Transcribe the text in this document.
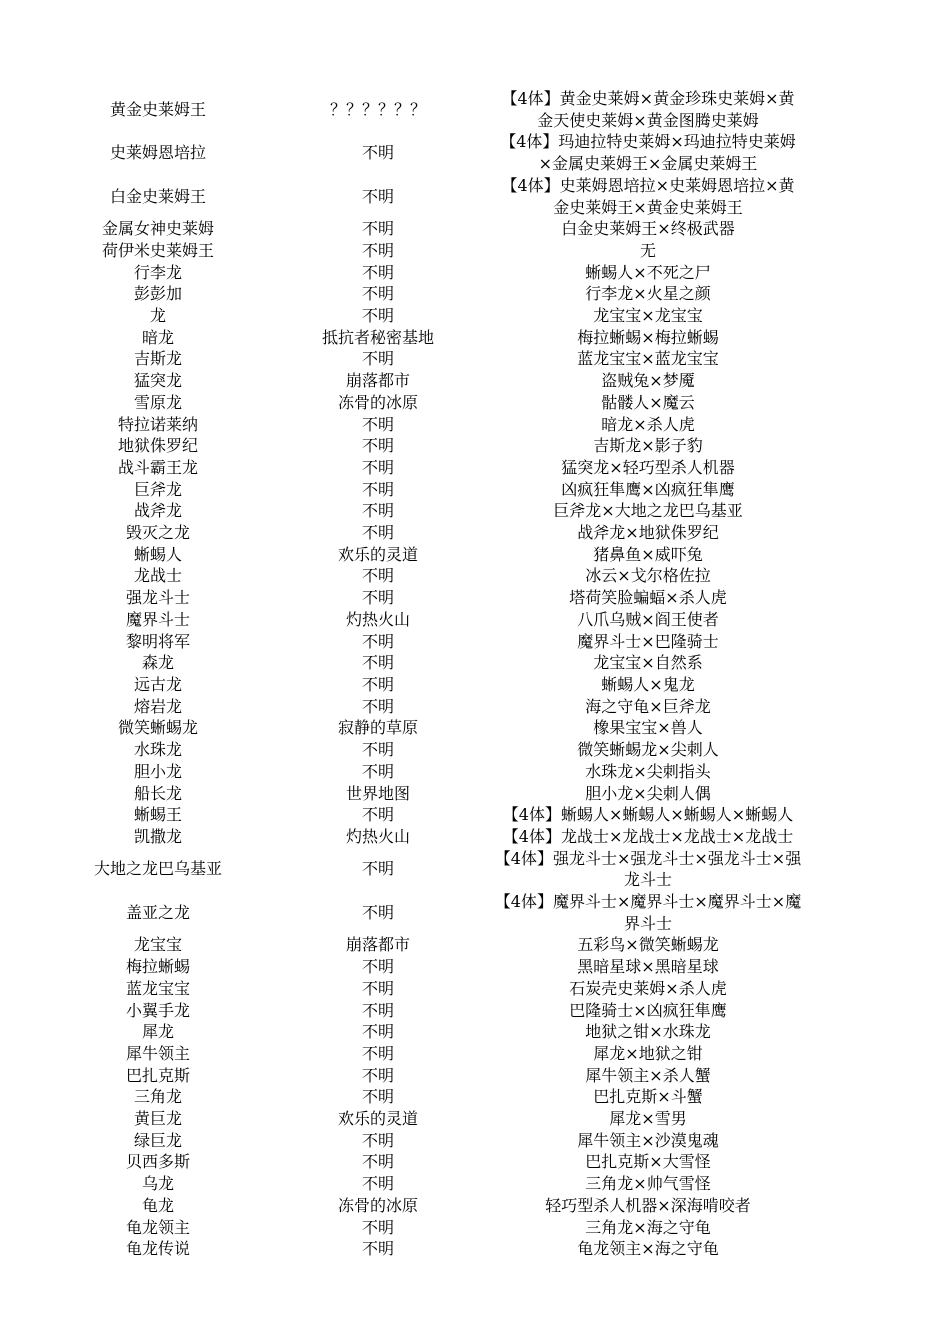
黄金史莱姆王	？？？？？？	【4体】黄金史莱姆×黄金珍珠史莱姆×黄金天使史莱姆×黄金图腾史莱姆
史莱姆恩培拉	不明	【4体】玛迪拉特史莱姆×玛迪拉特史莱姆×金属史莱姆王×金属史莱姆王
白金史莱姆王	不明	【4体】史莱姆恩培拉×史莱姆恩培拉×黄金史莱姆王×黄金史莱姆王
金属女神史莱姆	不明	白金史莱姆王×终极武器
荷伊米史莱姆王	不明	无
行李龙	不明	蜥蜴人×不死之尸
彭彭加	不明	行李龙×火星之颜
龙	不明	龙宝宝×龙宝宝
暗龙	抵抗者秘密基地	梅拉蜥蜴×梅拉蜥蜴
吉斯龙	不明	蓝龙宝宝×蓝龙宝宝
猛突龙	崩落都市	盗贼兔×梦魇
雪原龙	冻骨的冰原	骷髅人×魔云
特拉诺莱纳	不明	暗龙×杀人虎
地狱侏罗纪	不明	吉斯龙×影子豹
战斗霸王龙	不明	猛突龙×轻巧型杀人机器
巨斧龙	不明	凶疯狂隼鹰×凶疯狂隼鹰
战斧龙	不明	巨斧龙×大地之龙巴乌基亚
毁灭之龙	不明	战斧龙×地狱侏罗纪
蜥蜴人	欢乐的灵道	猪鼻鱼×威吓兔
龙战士	不明	冰云×戈尔格佐拉
强龙斗士	不明	塔荷笑脸蝙蝠×杀人虎
魔界斗士	灼热火山	八爪乌贼×阎王使者
黎明将军	不明	魔界斗士×巴隆骑士
森龙	不明	龙宝宝×自然系
远古龙	不明	蜥蜴人×鬼龙
熔岩龙	不明	海之守龟×巨斧龙
微笑蜥蜴龙	寂静的草原	橡果宝宝×兽人
水珠龙	不明	微笑蜥蜴龙×尖刺人
胆小龙	不明	水珠龙×尖刺指头
船长龙	世界地图	胆小龙×尖刺人偶
蜥蜴王	不明	【4体】蜥蜴人×蜥蜴人×蜥蜴人×蜥蜴人
凯撒龙	灼热火山	【4体】龙战士×龙战士×龙战士×龙战士
大地之龙巴乌基亚	不明	【4体】强龙斗士×强龙斗士×强龙斗士×强龙斗士
盖亚之龙	不明	【4体】魔界斗士×魔界斗士×魔界斗士×魔界斗士
龙宝宝	崩落都市	五彩鸟×微笑蜥蜴龙
梅拉蜥蜴	不明	黑暗星球×黑暗星球
蓝龙宝宝	不明	石炭壳史莱姆×杀人虎
小翼手龙	不明	巴隆骑士×凶疯狂隼鹰
犀龙	不明	地狱之钳×水珠龙
犀牛领主	不明	犀龙×地狱之钳
巴扎克斯	不明	犀牛领主×杀人蟹
三角龙	不明	巴扎克斯×斗蟹
黄巨龙	欢乐的灵道	犀龙×雪男
绿巨龙	不明	犀牛领主×沙漠鬼魂
贝西多斯	不明	巴扎克斯×大雪怪
乌龙	不明	三角龙×帅气雪怪
龟龙	冻骨的冰原	轻巧型杀人机器×深海啃咬者
龟龙领主	不明	三角龙×海之守龟
龟龙传说	不明	龟龙领主×海之守龟
